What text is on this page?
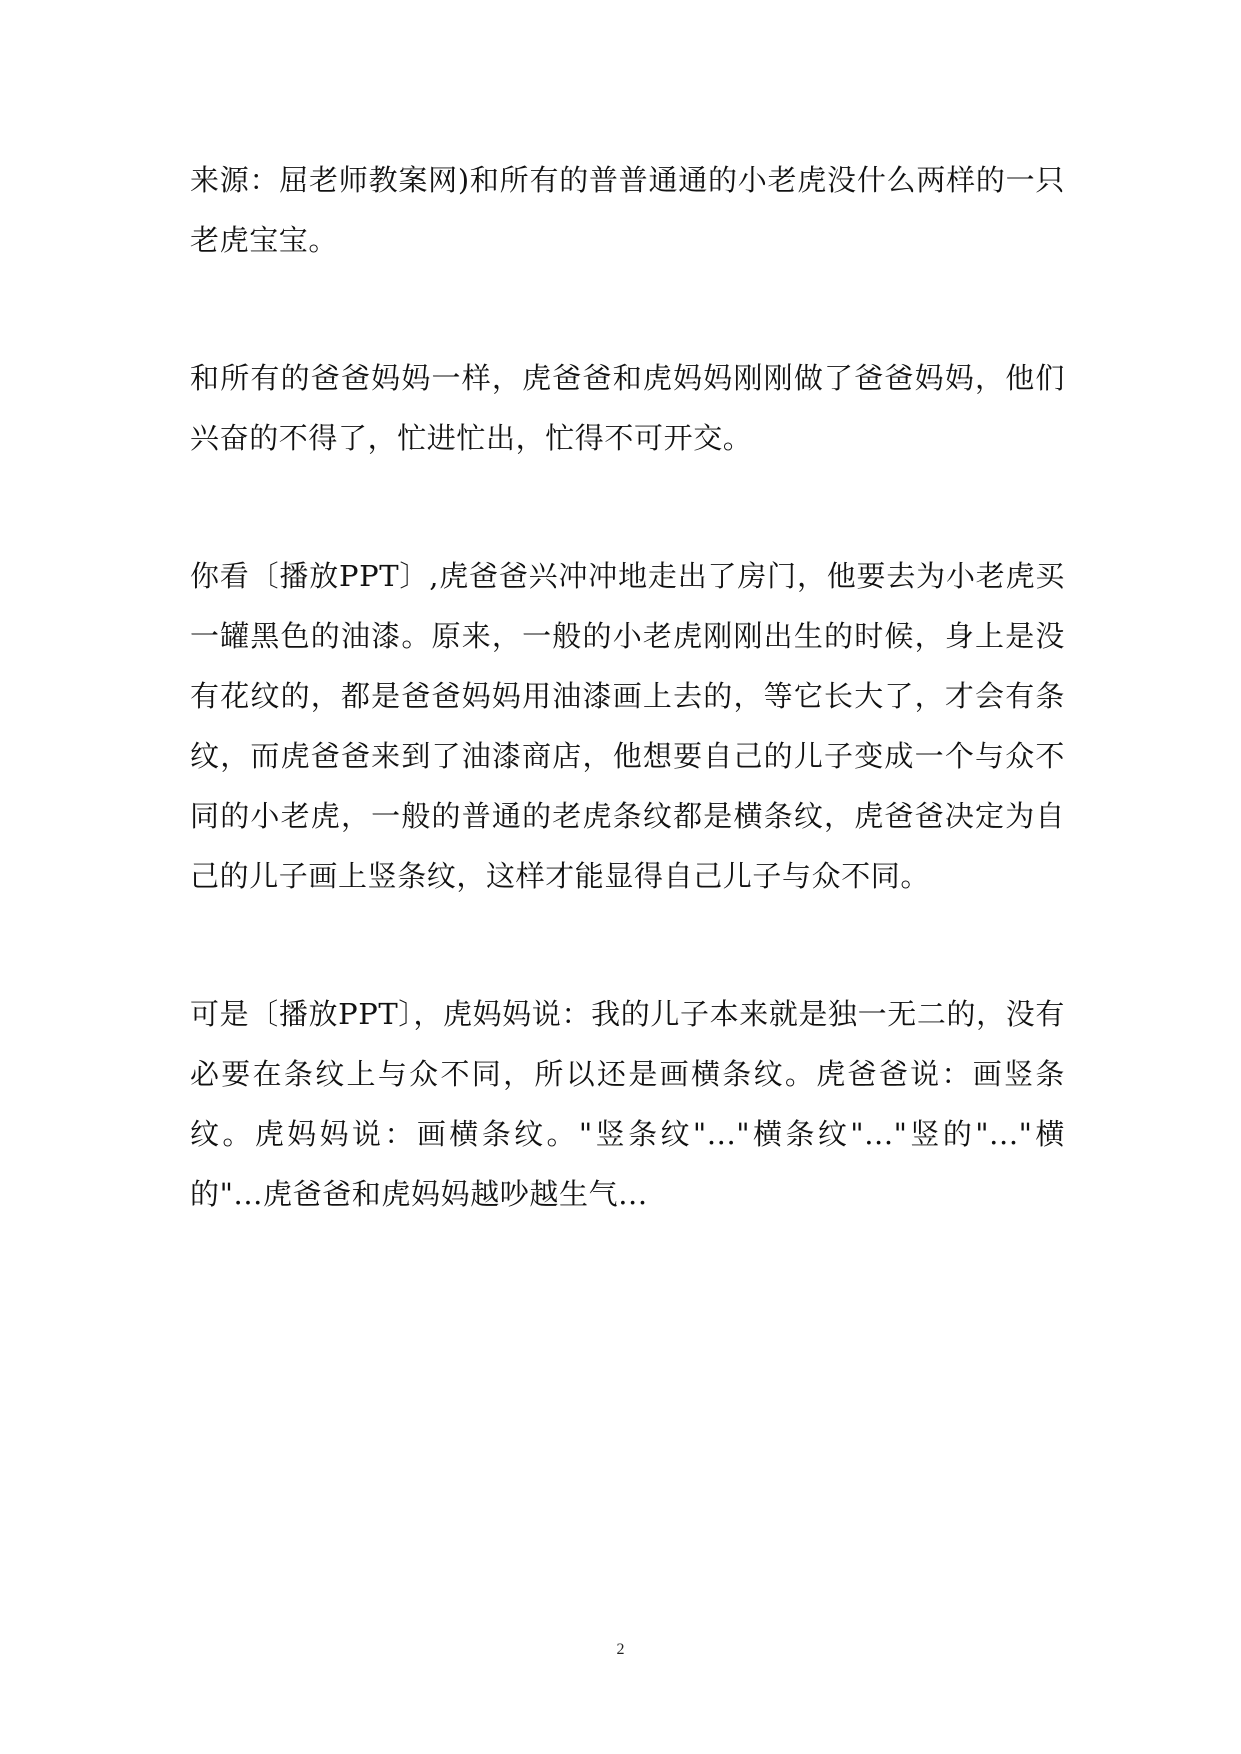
来源：屈老师教案网)和所有的普普通通的小老虎没什么两样的一只老虎宝宝。

和所有的爸爸妈妈一样，虎爸爸和虎妈妈刚刚做了爸爸妈妈，他们兴奋的不得了，忙进忙出，忙得不可开交。

你看〔播放PPT〕,虎爸爸兴冲冲地走出了房门，他要去为小老虎买一罐黑色的油漆。原来，一般的小老虎刚刚出生的时候，身上是没有花纹的，都是爸爸妈妈用油漆画上去的，等它长大了，才会有条纹，而虎爸爸来到了油漆商店，他想要自己的儿子变成一个与众不同的小老虎，一般的普通的老虎条纹都是横条纹，虎爸爸决定为自己的儿子画上竖条纹，这样才能显得自己儿子与众不同。

可是〔播放PPT〕，虎妈妈说：我的儿子本来就是独一无二的，没有必要在条纹上与众不同，所以还是画横条纹。虎爸爸说：画竖条纹。虎妈妈说：画横条纹。"竖条纹"..."横条纹"..."竖的"..."横的"...虎爸爸和虎妈妈越吵越生气...

2
